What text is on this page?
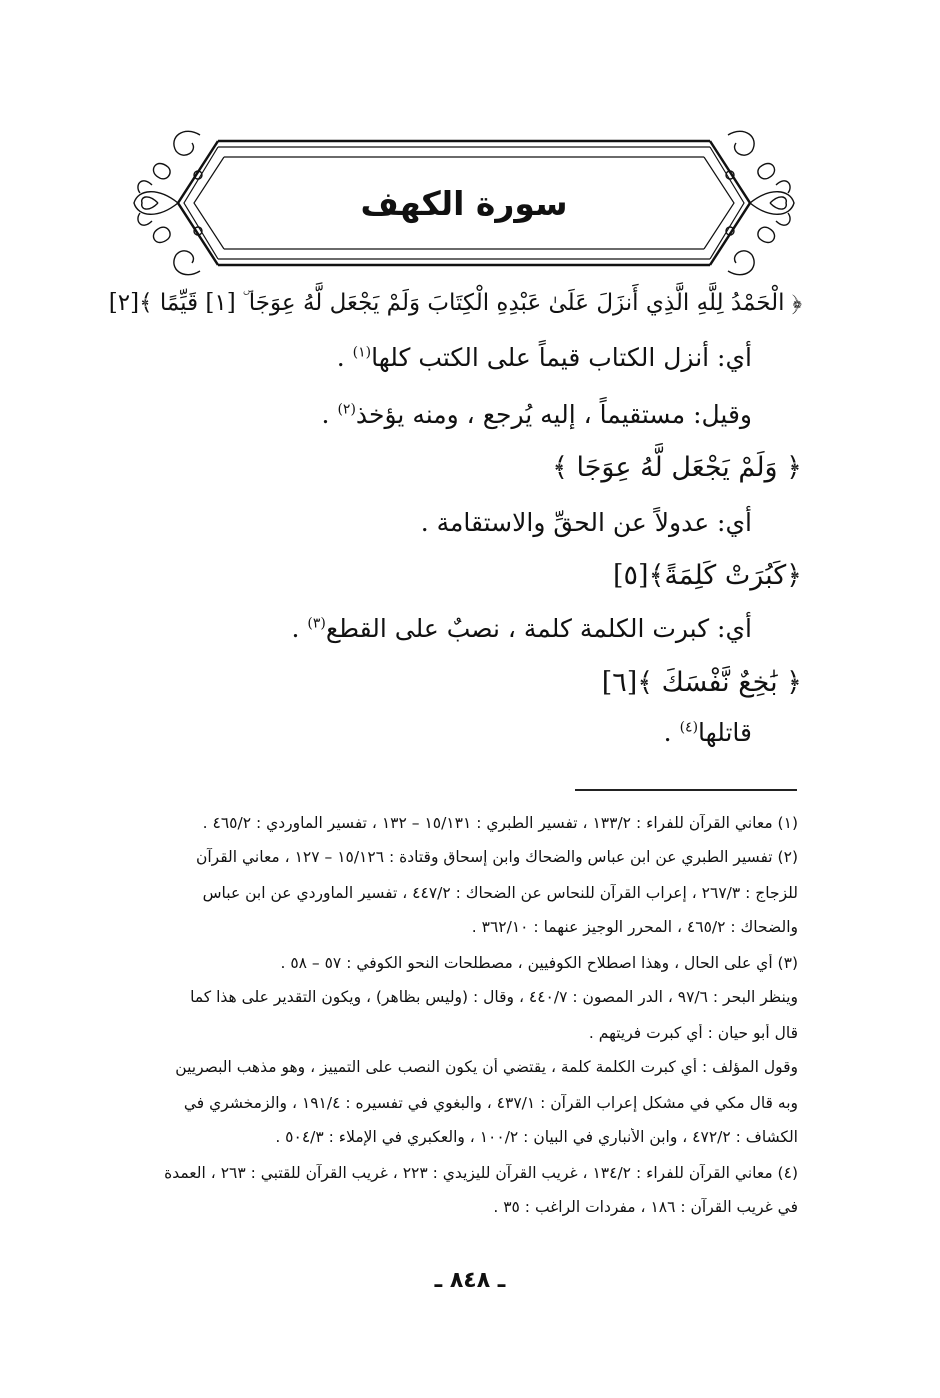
سورة الكهف
﴿ الْحَمْدُ لِلَّهِ الَّذِي أَنزَلَ عَلَىٰ عَبْدِهِ الْكِتَابَ وَلَمْ يَجْعَل لَّهُ عِوَجَا ۜ [١] قَيِّمًا ﴾[٢]
أي: أنزل الكتاب قيماً على الكتب كلها$^{(١)}$ .
وقيل: مستقيماً ، إليه يُرجع ، ومنه يؤخذ$^{(٢)}$ .
﴿ وَلَمْ يَجْعَل لَّهُ عِوَجَا ﴾
أي: عدولاً عن الحقِّ والاستقامة .
﴿كَبُرَتْ كَلِمَةً﴾[٥]
أي: كبرت الكلمة كلمة ، نصبٌ على القطع$^{(٣)}$ .
﴿ بَٰخِعٌ نَّفْسَكَ ﴾[٦]
قاتلها$^{(٤)}$ .
(١) معاني القرآن للفراء : ١٣٣/٢ ، تفسير الطبري : ١٥/١٣١ – ١٣٢ ، تفسير الماوردي : ٤٦٥/٢ .
(٢) تفسير الطبري عن ابن عباس والضحاك وابن إسحاق وقتادة : ١٥/١٢٦ – ١٢٧ ، معاني القرآن
للزجاج : ٢٦٧/٣ ، إعراب القرآن للنحاس عن الضحاك : ٤٤٧/٢ ، تفسير الماوردي عن ابن عباس
والضحاك : ٤٦٥/٢ ، المحرر الوجيز عنهما : ٣٦٢/١٠ .
(٣) أي على الحال ، وهذا اصطلاح الكوفيين ، مصطلحات النحو الكوفي : ٥٧ – ٥٨ .
وينظر البحر : ٩٧/٦ ، الدر المصون : ٤٤٠/٧ ، وقال : (وليس بظاهر) ، ويكون التقدير على هذا كما
قال أبو حيان : أي كبرت فريتهم .
وقول المؤلف : أي كبرت الكلمة كلمة ، يقتضي أن يكون النصب على التمييز ، وهو مذهب البصريين
وبه قال مكي في مشكل إعراب القرآن : ٤٣٧/١ ، والبغوي في تفسيره : ١٩١/٤ ، والزمخشري في
الكشاف : ٤٧٢/٢ ، وابن الأنباري في البيان : ١٠٠/٢ ، والعكبري في الإملاء : ٥٠٤/٣ .
(٤) معاني القرآن للفراء : ١٣٤/٢ ، غريب القرآن لليزيدي : ٢٢٣ ، غريب القرآن للقتبي : ٢٦٣ ، العمدة
في غريب القرآن : ١٨٦ ، مفردات الراغب : ٣٥ .
ـ ٨٤٨ ـ
